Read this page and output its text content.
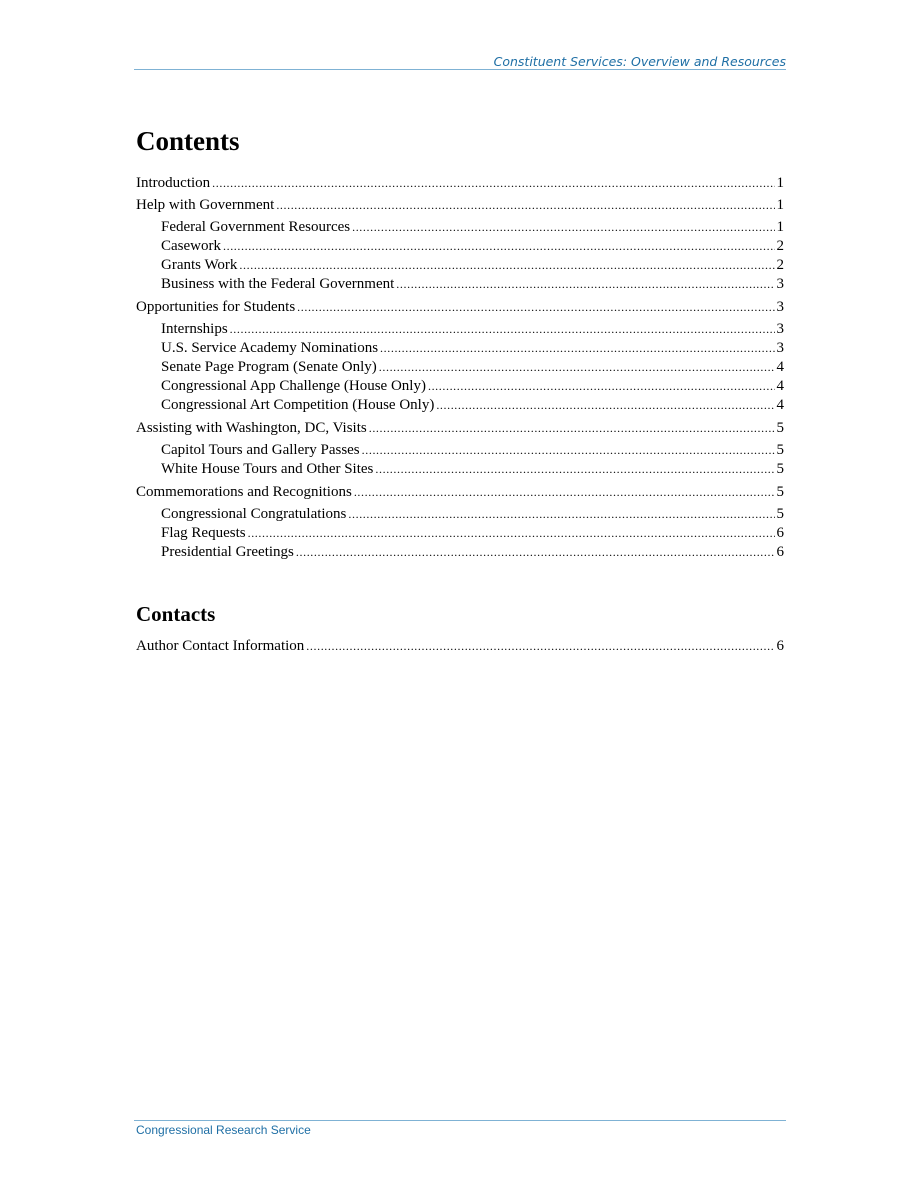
Constituent Services: Overview and Resources
Contents
Introduction .....	1
Help with Government .....	1
Federal Government Resources .....	1
Casework .....	2
Grants Work .....	2
Business with the Federal Government .....	3
Opportunities for Students .....	3
Internships .....	3
U.S. Service Academy Nominations .....	3
Senate Page Program (Senate Only) .....	4
Congressional App Challenge (House Only) .....	4
Congressional Art Competition (House Only) .....	4
Assisting with Washington, DC, Visits .....	5
Capitol Tours and Gallery Passes .....	5
White House Tours and Other Sites .....	5
Commemorations and Recognitions .....	5
Congressional Congratulations .....	5
Flag Requests .....	6
Presidential Greetings .....	6
Contacts
Author Contact Information .....	6
Congressional Research Service
